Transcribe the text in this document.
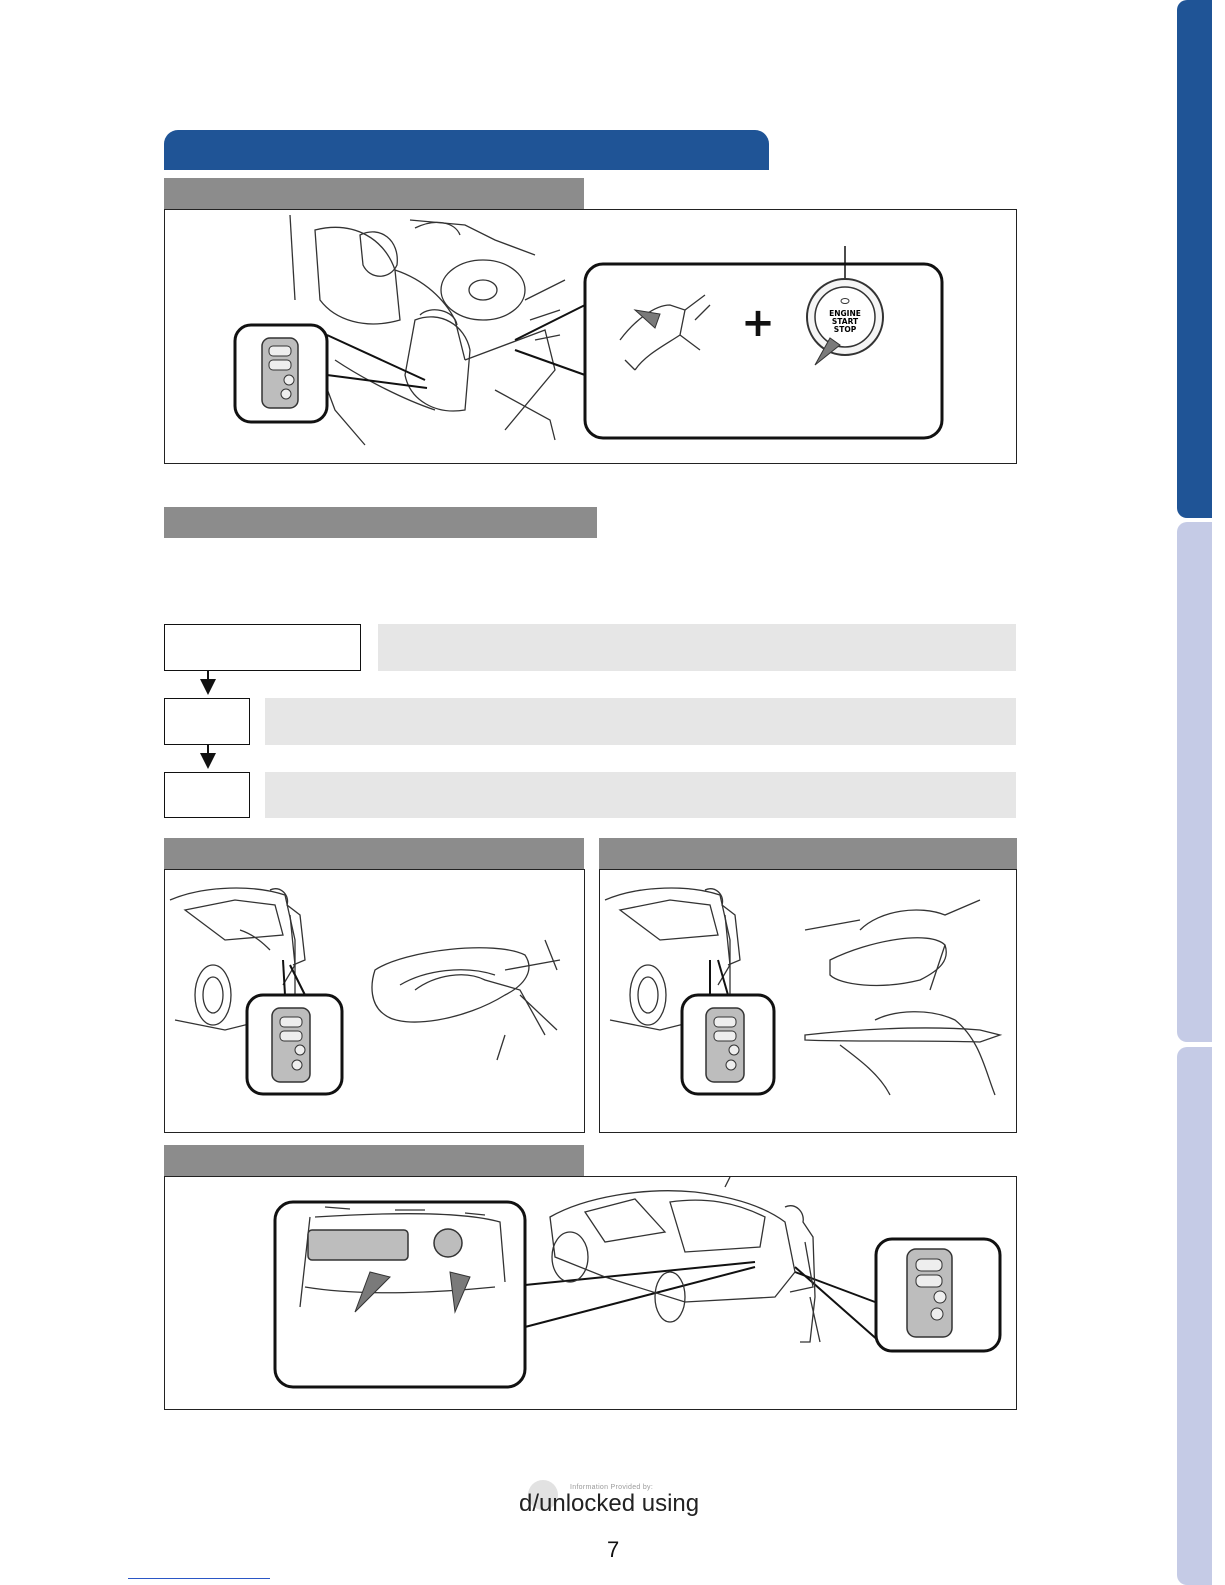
+	ENGINE
START
STOP
Information Provided by:
d/unlocked using
7
